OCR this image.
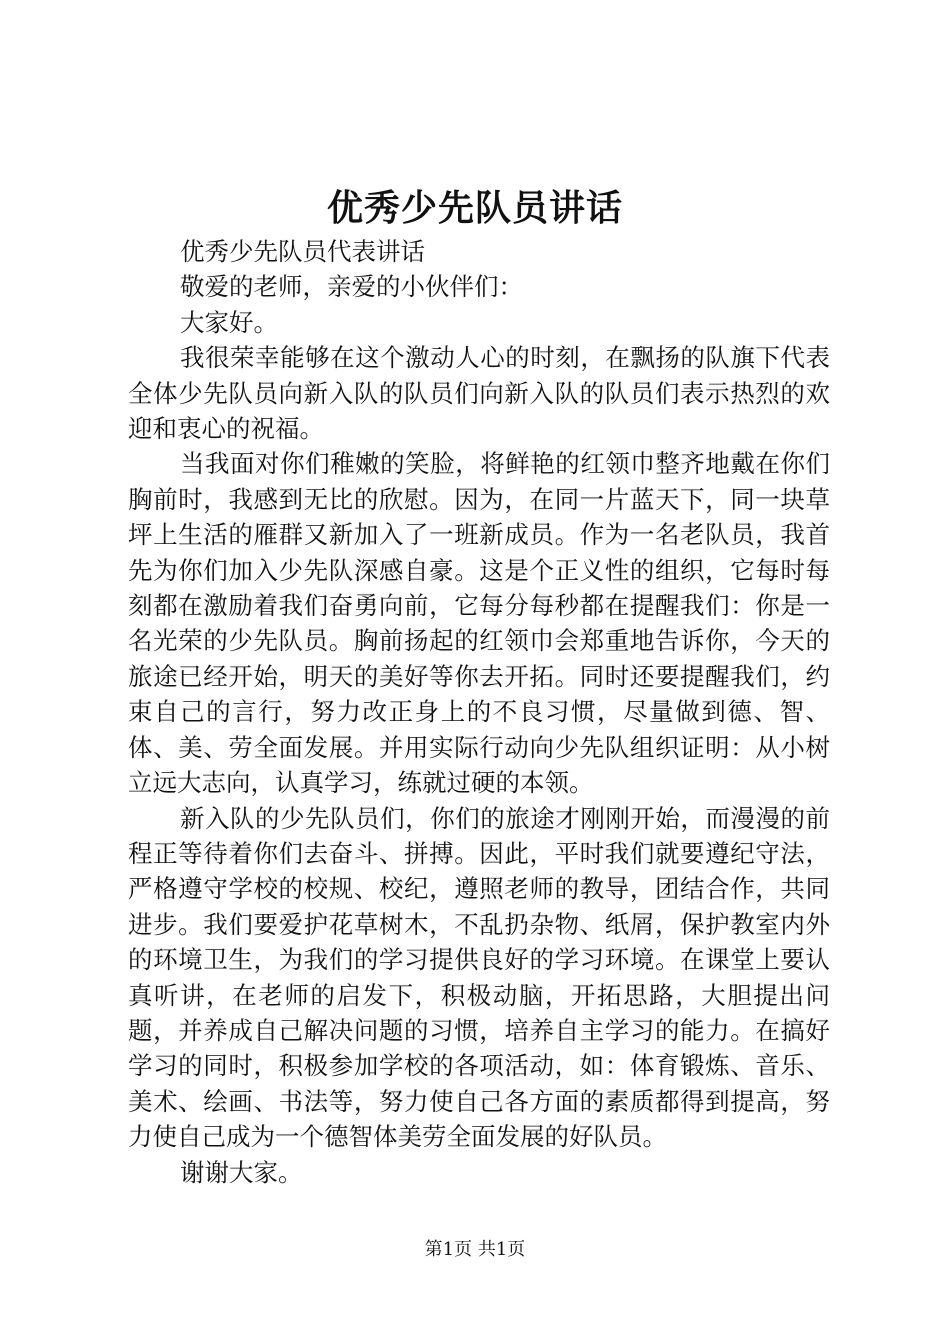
优秀少先队员讲话

优秀少先队员代表讲话

敬爱的老师，亲爱的小伙伴们：

大家好。

我很荣幸能够在这个激动人心的时刻，在飘扬的队旗下代表全体少先队员向新入队的队员们向新入队的队员们表示热烈的欢迎和衷心的祝福。

当我面对你们稚嫩的笑脸，将鲜艳的红领巾整齐地戴在你们胸前时，我感到无比的欣慰。因为，在同一片蓝天下，同一块草坪上生活的雁群又新加入了一班新成员。作为一名老队员，我首先为你们加入少先队深感自豪。这是个正义性的组织，它每时每刻都在激励着我们奋勇向前，它每分每秒都在提醒我们：你是一名光荣的少先队员。胸前扬起的红领巾会郑重地告诉你，今天的旅途已经开始，明天的美好等你去开拓。同时还要提醒我们，约束自己的言行，努力改正身上的不良习惯，尽量做到德、智、体、美、劳全面发展。并用实际行动向少先队组织证明：从小树立远大志向，认真学习，练就过硬的本领。

新入队的少先队员们，你们的旅途才刚刚开始，而漫漫的前程正等待着你们去奋斗、拼搏。因此，平时我们就要遵纪守法，严格遵守学校的校规、校纪，遵照老师的教导，团结合作，共同进步。我们要爱护花草树木，不乱扔杂物、纸屑，保护教室内外的环境卫生，为我们的学习提供良好的学习环境。在课堂上要认真听讲，在老师的启发下，积极动脑，开拓思路，大胆提出问题，并养成自己解决问题的习惯，培养自主学习的能力。在搞好学习的同时，积极参加学校的各项活动，如：体育锻炼、音乐、美术、绘画、书法等，努力使自己各方面的素质都得到提高，努力使自己成为一个德智体美劳全面发展的好队员。

谢谢大家。

第1页 共1页
